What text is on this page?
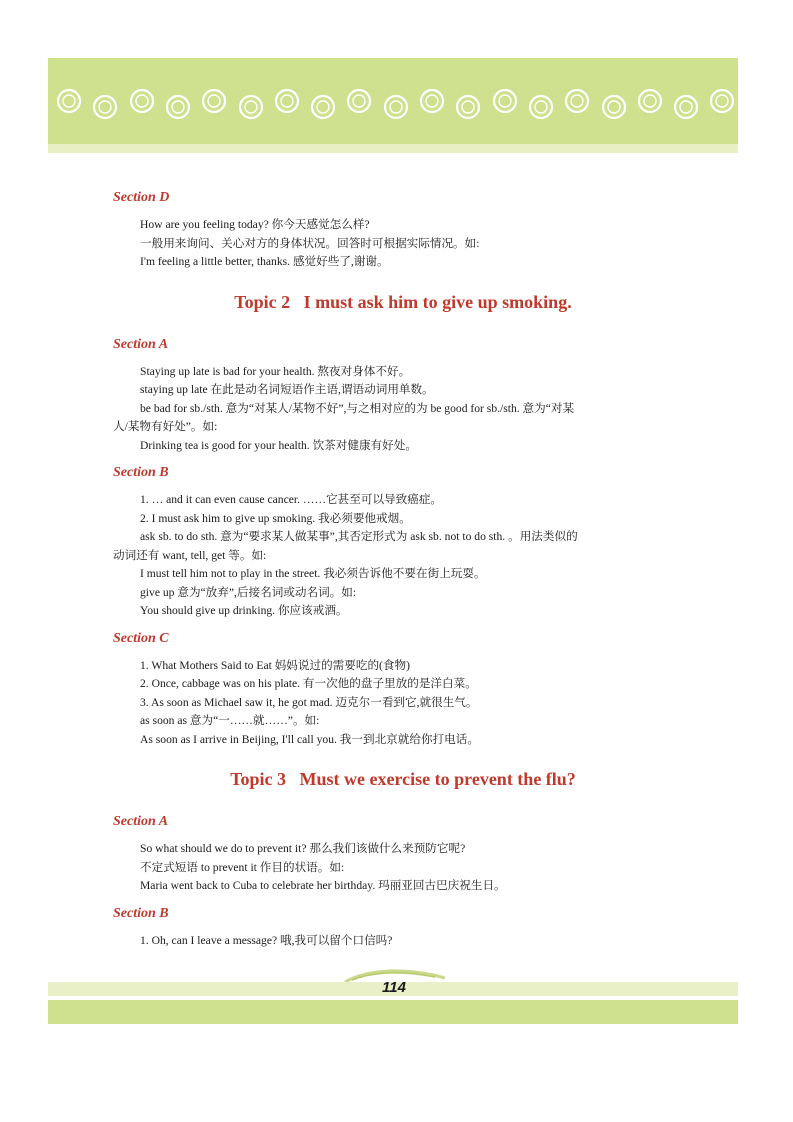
Section D

How are you feeling today? 你今天感觉怎么样?

一般用来询问、关心对方的身体状况。回答时可根据实际情况。如:

I'm feeling a little better, thanks. 感觉好些了,谢谢。

Topic 2   I must ask him to give up smoking.

Section A

Staying up late is bad for your health. 熬夜对身体不好。

staying up late 在此是动名词短语作主语,谓语动词用单数。

be bad for sb./sth. 意为“对某人/某物不好”,与之相对应的为 be good for sb./sth. 意为“对某

人/某物有好处”。如:

Drinking tea is good for your health. 饮茶对健康有好处。

Section B

1. … and it can even cause cancer. ……它甚至可以导致癌症。

2. I must ask him to give up smoking. 我必须要他戒烟。

ask sb. to do sth. 意为“要求某人做某事”,其否定形式为 ask sb. not to do sth. 。用法类似的

动词还有 want, tell, get 等。如:

I must tell him not to play in the street. 我必须告诉他不要在街上玩耍。

give up 意为“放弃”,后接名词或动名词。如:

You should give up drinking. 你应该戒酒。

Section C

1. What Mothers Said to Eat 妈妈说过的需要吃的(食物)

2. Once, cabbage was on his plate. 有一次他的盘子里放的是洋白菜。

3. As soon as Michael saw it, he got mad. 迈克尔一看到它,就很生气。

as soon as 意为“一……就……”。如:

As soon as I arrive in Beijing, I'll call you. 我一到北京就给你打电话。

Topic 3   Must we exercise to prevent the flu?

Section A

So what should we do to prevent it? 那么我们该做什么来预防它呢?

不定式短语 to prevent it 作目的状语。如:

Maria went back to Cuba to celebrate her birthday. 玛丽亚回古巴庆祝生日。

Section B

1. Oh, can I leave a message? 哦,我可以留个口信吗?

114
